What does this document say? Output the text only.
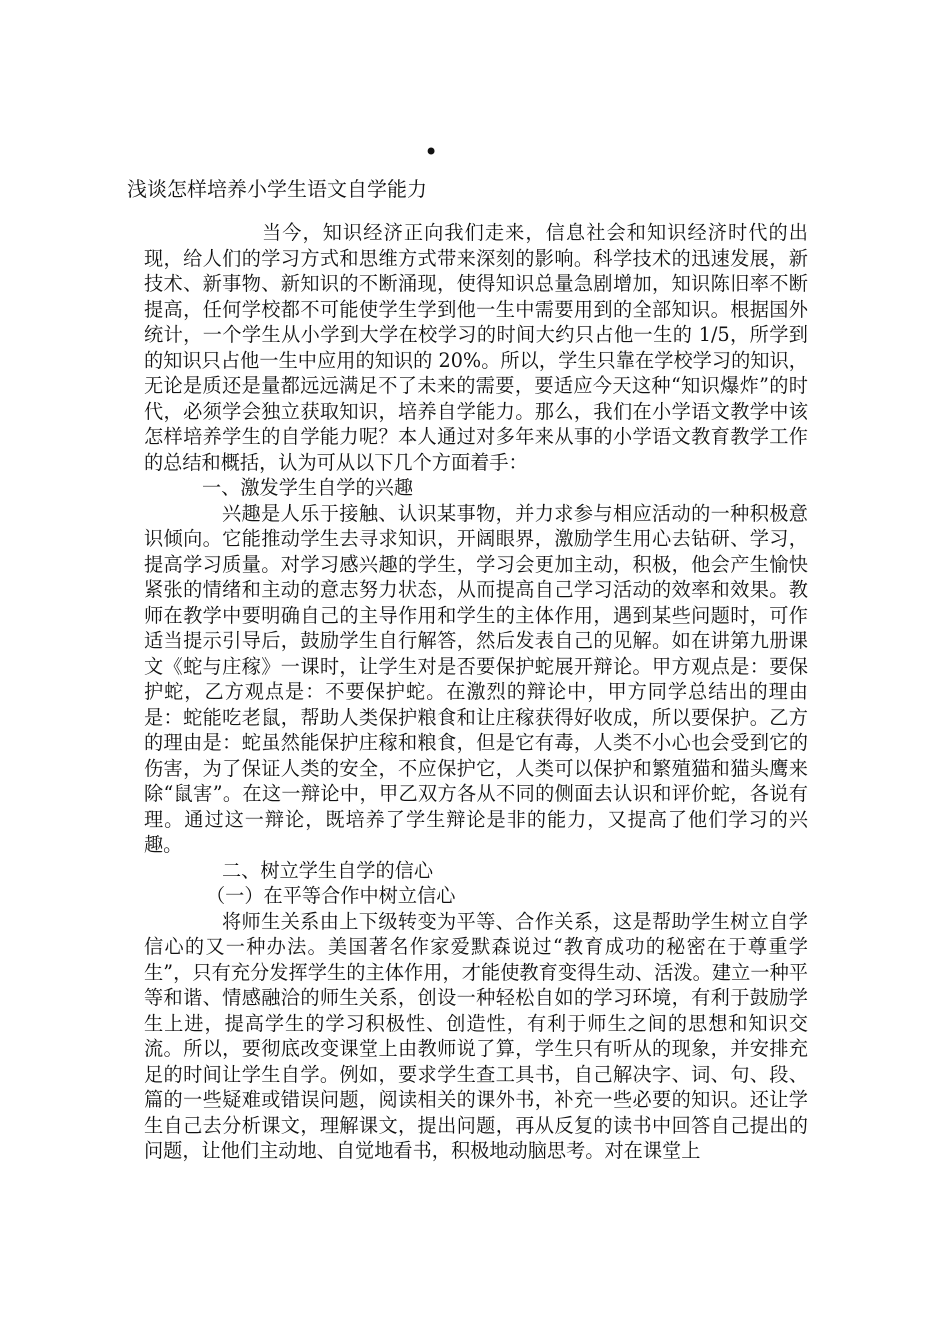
•
浅谈怎样培养小学生语文自学能力

当今，知识经济正向我们走来，信息社会和知识经济时代的出现，给人们的学习方式和思维方式带来深刻的影响。科学技术的迅速发展，新技术、新事物、新知识的不断涌现，使得知识总量急剧增加，知识陈旧率不断提高，任何学校都不可能使学生学到他一生中需要用到的全部知识。根据国外统计，一个学生从小学到大学在校学习的时间大约只占他一生的 1/5，所学到的知识只占他一生中应用的知识的 20%。所以，学生只靠在学校学习的知识，无论是质还是量都远远满足不了未来的需要，要适应今天这种“知识爆炸”的时代，必须学会独立获取知识，培养自学能力。那么，我们在小学语文教学中该怎样培养学生的自学能力呢？本人通过对多年来从事的小学语文教育教学工作的总结和概括，认为可从以下几个方面着手：

一、激发学生自学的兴趣

兴趣是人乐于接触、认识某事物，并力求参与相应活动的一种积极意识倾向。它能推动学生去寻求知识，开阔眼界，激励学生用心去钻研、学习，提高学习质量。对学习感兴趣的学生，学习会更加主动，积极，他会产生愉快紧张的情绪和主动的意志努力状态，从而提高自己学习活动的效率和效果。教师在教学中要明确自己的主导作用和学生的主体作用，遇到某些问题时，可作适当提示引导后，鼓励学生自行解答，然后发表自己的见解。如在讲第九册课文《蛇与庄稼》一课时，让学生对是否要保护蛇展开辩论。甲方观点是：要保护蛇，乙方观点是：不要保护蛇。在激烈的辩论中，甲方同学总结出的理由是：蛇能吃老鼠，帮助人类保护粮食和让庄稼获得好收成，所以要保护。乙方的理由是：蛇虽然能保护庄稼和粮食，但是它有毒，人类不小心也会受到它的伤害，为了保证人类的安全，不应保护它，人类可以保护和繁殖猫和猫头鹰来除“鼠害”。在这一辩论中，甲乙双方各从不同的侧面去认识和评价蛇，各说有理。通过这一辩论，既培养了学生辩论是非的能力，又提高了他们学习的兴趣。

二、树立学生自学的信心

（一）在平等合作中树立信心

将师生关系由上下级转变为平等、合作关系，这是帮助学生树立自学信心的又一种办法。美国著名作家爱默森说过“教育成功的秘密在于尊重学生”，只有充分发挥学生的主体作用，才能使教育变得生动、活泼。建立一种平等和谐、情感融洽的师生关系，创设一种轻松自如的学习环境，有利于鼓励学生上进，提高学生的学习积极性、创造性，有利于师生之间的思想和知识交流。所以，要彻底改变课堂上由教师说了算，学生只有听从的现象，并安排充足的时间让学生自学。例如，要求学生查工具书，自己解决字、词、句、段、篇的一些疑难或错误问题，阅读相关的课外书，补充一些必要的知识。还让学生自己去分析课文，理解课文，提出问题，再从反复的读书中回答自己提出的问题，让他们主动地、自觉地看书，积极地动脑思考。对在课堂上
